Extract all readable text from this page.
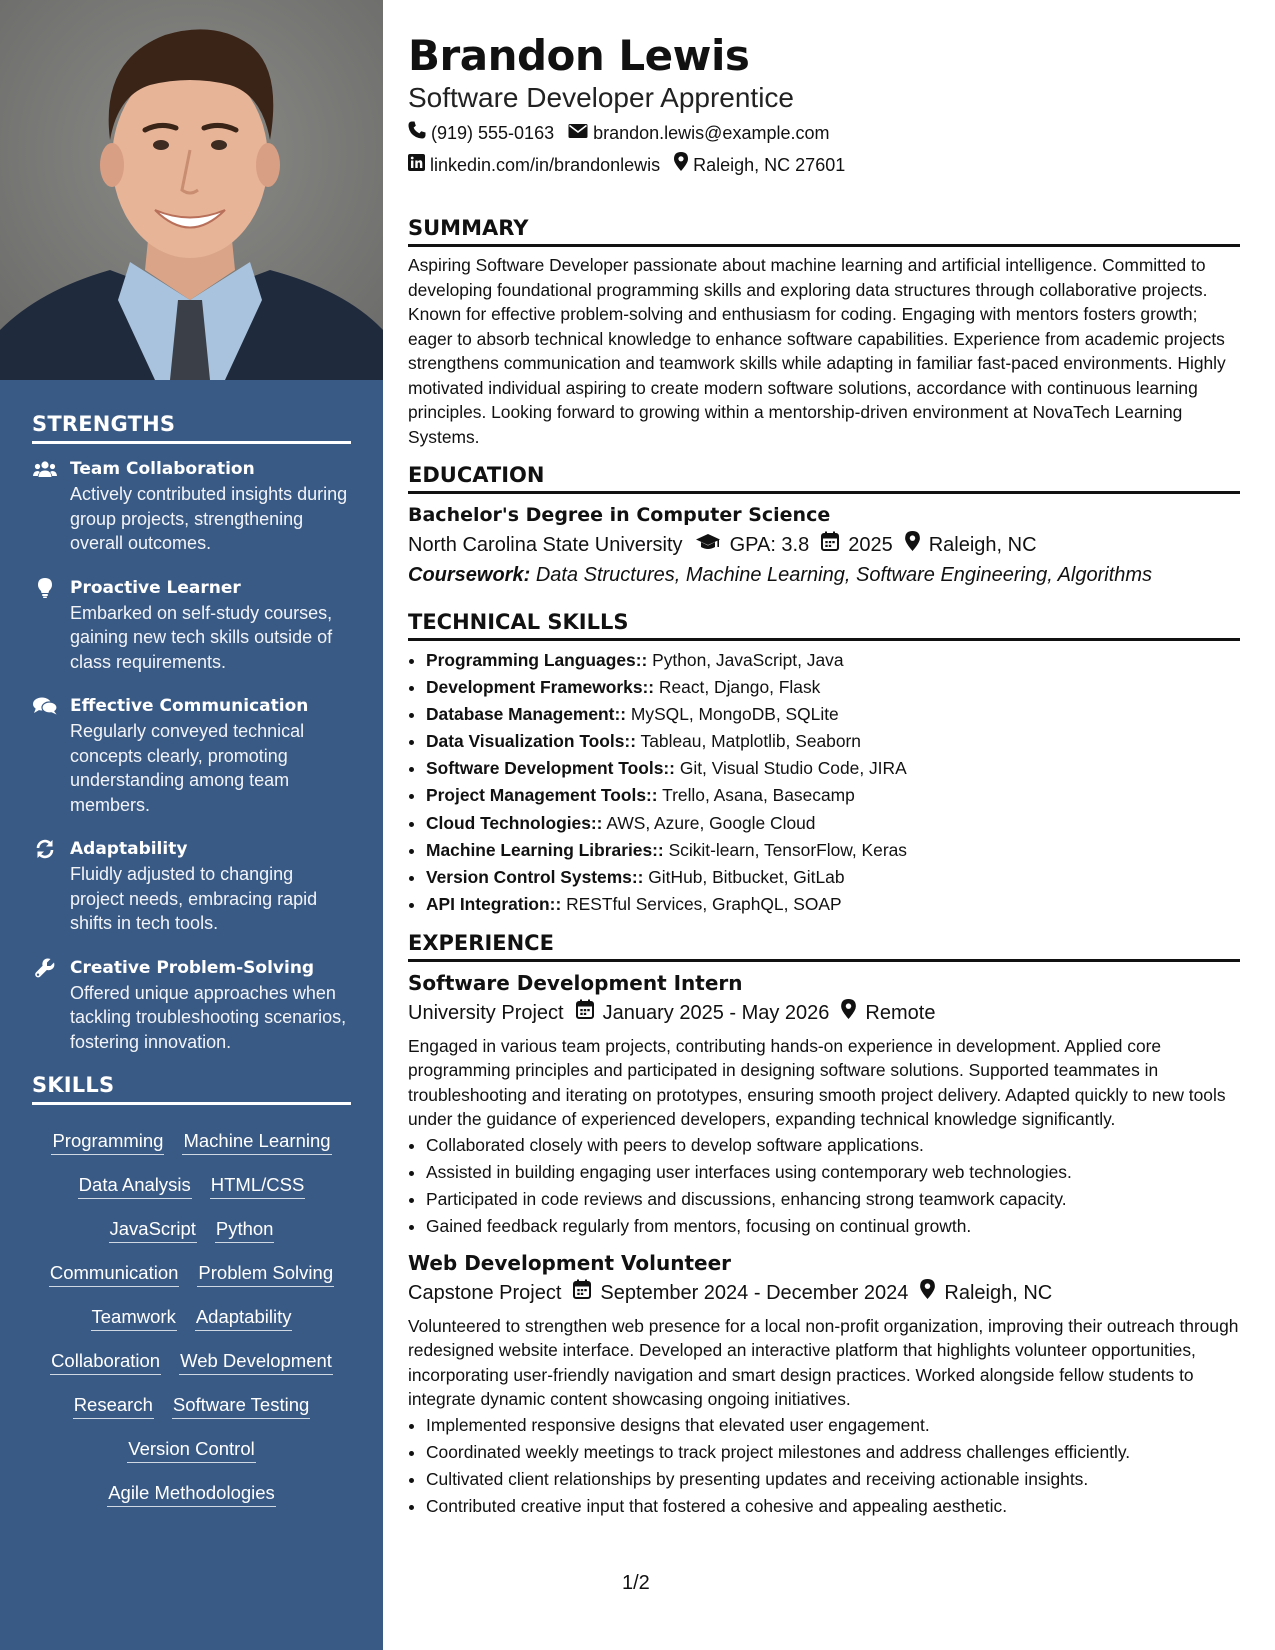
STRENGTHS
Team Collaboration
Actively contributed insights during group projects, strengthening overall outcomes.
Proactive Learner
Embarked on self-study courses, gaining new tech skills outside of class requirements.
Effective Communication
Regularly conveyed technical concepts clearly, promoting understanding among team members.
Adaptability
Fluidly adjusted to changing project needs, embracing rapid shifts in tech tools.
Creative Problem-Solving
Offered unique approaches when tackling troubleshooting scenarios, fostering innovation.
SKILLS
Programming Machine Learning
Data Analysis HTML/CSS
JavaScript Python
Communication Problem Solving
Teamwork Adaptability
Collaboration Web Development
Research Software Testing
Version Control
Agile Methodologies
Brandon Lewis
Software Developer Apprentice
(919) 555-0163 brandon.lewis@example.com
linkedin.com/in/brandonlewis Raleigh, NC 27601
SUMMARY
Aspiring Software Developer passionate about machine learning and artificial intelligence. Committed to developing foundational programming skills and exploring data structures through collaborative projects. Known for effective problem-solving and enthusiasm for coding. Engaging with mentors fosters growth; eager to absorb technical knowledge to enhance software capabilities. Experience from academic projects strengthens communication and teamwork skills while adapting in familiar fast-paced environments. Highly motivated individual aspiring to create modern software solutions, accordance with continuous learning principles. Looking forward to growing within a mentorship-driven environment at NovaTech Learning Systems.
EDUCATION
Bachelor's Degree in Computer Science
North Carolina State University GPA: 3.8 2025 Raleigh, NC
Coursework: Data Structures, Machine Learning, Software Engineering, Algorithms
TECHNICAL SKILLS
• Programming Languages:: Python, JavaScript, Java
• Development Frameworks:: React, Django, Flask
• Database Management:: MySQL, MongoDB, SQLite
• Data Visualization Tools:: Tableau, Matplotlib, Seaborn
• Software Development Tools:: Git, Visual Studio Code, JIRA
• Project Management Tools:: Trello, Asana, Basecamp
• Cloud Technologies:: AWS, Azure, Google Cloud
• Machine Learning Libraries:: Scikit-learn, TensorFlow, Keras
• Version Control Systems:: GitHub, Bitbucket, GitLab
• API Integration:: RESTful Services, GraphQL, SOAP
EXPERIENCE
Software Development Intern
University Project January 2025 - May 2026 Remote
Engaged in various team projects, contributing hands-on experience in development. Applied core programming principles and participated in designing software solutions. Supported teammates in troubleshooting and iterating on prototypes, ensuring smooth project delivery. Adapted quickly to new tools under the guidance of experienced developers, expanding technical knowledge significantly.
• Collaborated closely with peers to develop software applications.
• Assisted in building engaging user interfaces using contemporary web technologies.
• Participated in code reviews and discussions, enhancing strong teamwork capacity.
• Gained feedback regularly from mentors, focusing on continual growth.
Web Development Volunteer
Capstone Project September 2024 - December 2024 Raleigh, NC
Volunteered to strengthen web presence for a local non-profit organization, improving their outreach through redesigned website interface. Developed an interactive platform that highlights volunteer opportunities, incorporating user-friendly navigation and smart design practices. Worked alongside fellow students to integrate dynamic content showcasing ongoing initiatives.
• Implemented responsive designs that elevated user engagement.
• Coordinated weekly meetings to track project milestones and address challenges efficiently.
• Cultivated client relationships by presenting updates and receiving actionable insights.
• Contributed creative input that fostered a cohesive and appealing aesthetic.
1/2
